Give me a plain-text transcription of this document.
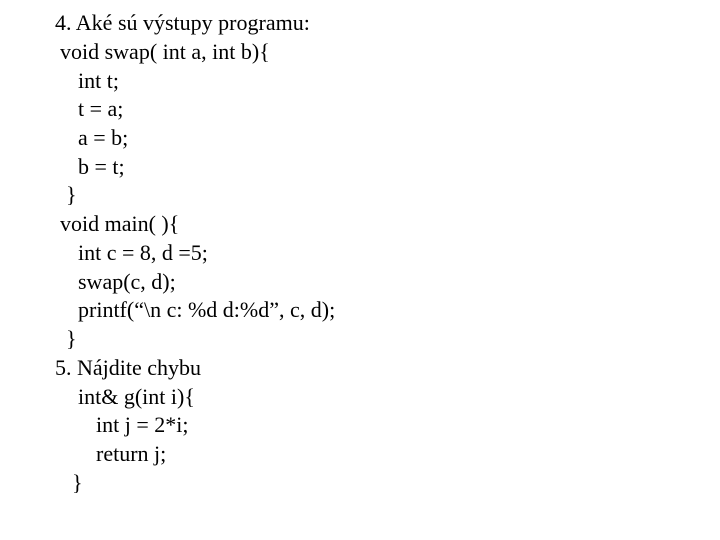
4. Aké sú výstupy programu:
void swap( int a, int b){
int t;
t = a;
a = b;
b = t;
}
void main( ){
int c = 8, d =5;
swap(c, d);
printf(“\n c: %d d:%d”, c, d);
}
5. Nájdite chybu
int& g(int i){
int j = 2*i;
return j;
}
